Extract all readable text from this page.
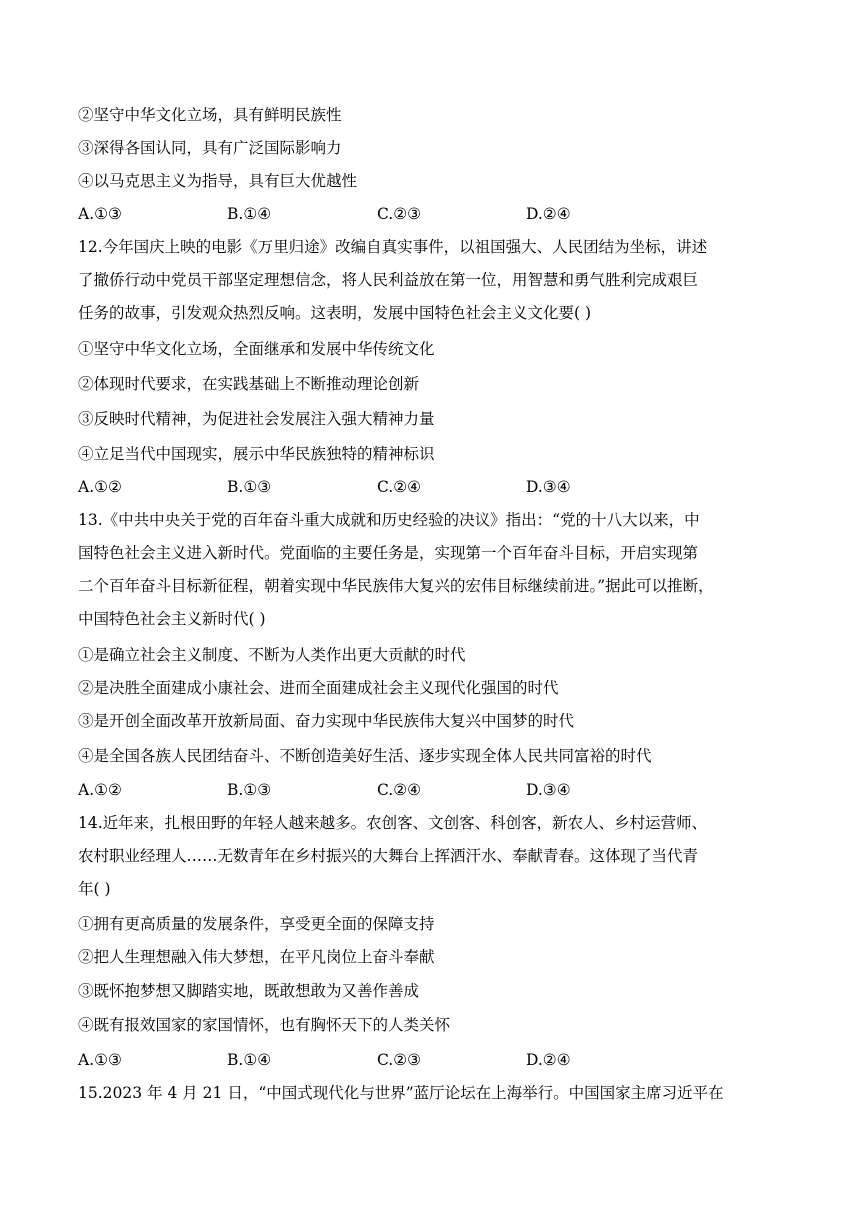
②坚守中华文化立场，具有鲜明民族性
③深得各国认同，具有广泛国际影响力
④以马克思主义为指导，具有巨大优越性
A.①③	B.①④	C.②③	D.②④
12.今年国庆上映的电影《万里归途》改编自真实事件，以祖国强大、人民团结为坐标，讲述
了撤侨行动中党员干部坚定理想信念，将人民利益放在第一位，用智慧和勇气胜利完成艰巨
任务的故事，引发观众热烈反响。这表明，发展中国特色社会主义文化要( )
①坚守中华文化立场，全面继承和发展中华传统文化
②体现时代要求，在实践基础上不断推动理论创新
③反映时代精神，为促进社会发展注入强大精神力量
④立足当代中国现实，展示中华民族独特的精神标识
A.①②	B.①③	C.②④	D.③④
13.《中共中央关于党的百年奋斗重大成就和历史经验的决议》指出：“党的十八大以来，中
国特色社会主义进入新时代。党面临的主要任务是，实现第一个百年奋斗目标，开启实现第
二个百年奋斗目标新征程，朝着实现中华民族伟大复兴的宏伟目标继续前进。”据此可以推断，
中国特色社会主义新时代( )
①是确立社会主义制度、不断为人类作出更大贡献的时代
②是决胜全面建成小康社会、进而全面建成社会主义现代化强国的时代
③是开创全面改革开放新局面、奋力实现中华民族伟大复兴中国梦的时代
④是全国各族人民团结奋斗、不断创造美好生活、逐步实现全体人民共同富裕的时代
A.①②	B.①③	C.②④	D.③④
14.近年来，扎根田野的年轻人越来越多。农创客、文创客、科创客，新农人、乡村运营师、
农村职业经理人……无数青年在乡村振兴的大舞台上挥洒汗水、奉献青春。这体现了当代青
年( )
①拥有更高质量的发展条件，享受更全面的保障支持
②把人生理想融入伟大梦想，在平凡岗位上奋斗奉献
③既怀抱梦想又脚踏实地，既敢想敢为又善作善成
④既有报效国家的家国情怀，也有胸怀天下的人类关怀
A.①③	B.①④	C.②③	D.②④
15.2023 年 4 月 21 日，“中国式现代化与世界”蓝厅论坛在上海举行。中国国家主席习近平在
